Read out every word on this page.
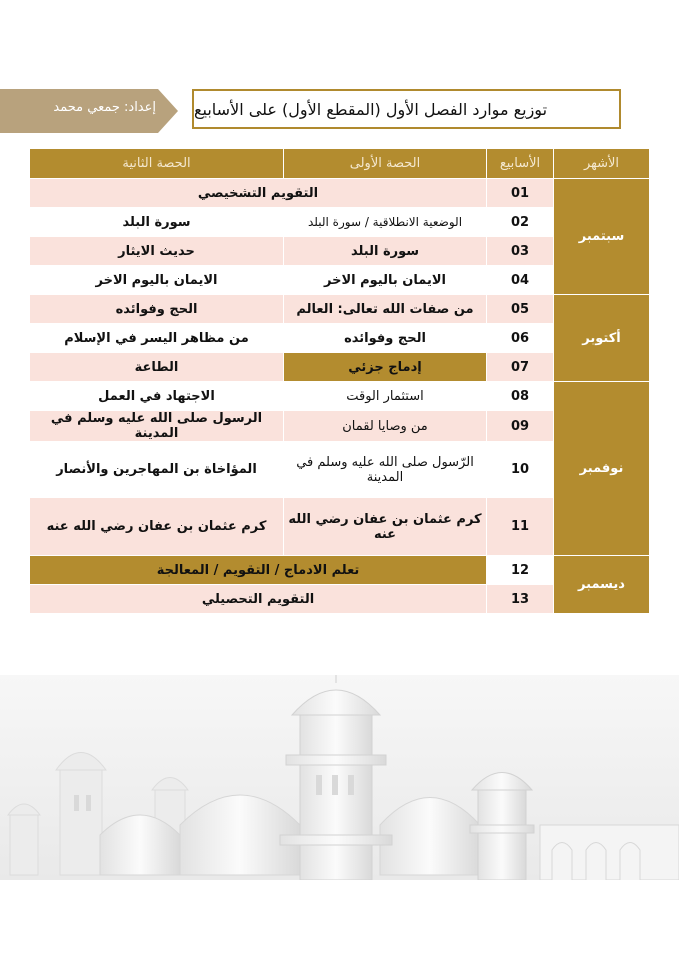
إعداد: جمعي محمد توزيع موارد الفصل الأول (المقطع الأول) على الأسابيع
الأشهر	الأسابيع	الحصة الأولى	الحصة الثانية
سبتمبر	01	التقويم التشخيصي	
	02	الوضعية الانطلاقية / سورة البلد	سورة البلد
	03	سورة البلد	حديث الايثار
	04	الايمان باليوم الاخر	الايمان باليوم الاخر
أكتوبر	05	من صفات الله تعالى: العالم	الحج وفوائده
	06	الحج وفوائده	من مظاهر اليسر في الإسلام
	07	إدماج جزئي	الطاعة
نوفمبر	08	استثمار الوقت	الاجتهاد في العمل
	09	من وصايا لقمان	الرسول صلى الله عليه وسلم في المدينة
	10	الرّسول صلى الله عليه وسلم في المدينة	المؤاخاة بن المهاجرين والأنصار
	11	كرم عثمان بن عفان رضي الله عنه	كرم عثمان بن عفان رضي الله عنه
ديسمبر	12	تعلم الادماج / التقويم / المعالجة	
	13	التقويم التحصيلي	
